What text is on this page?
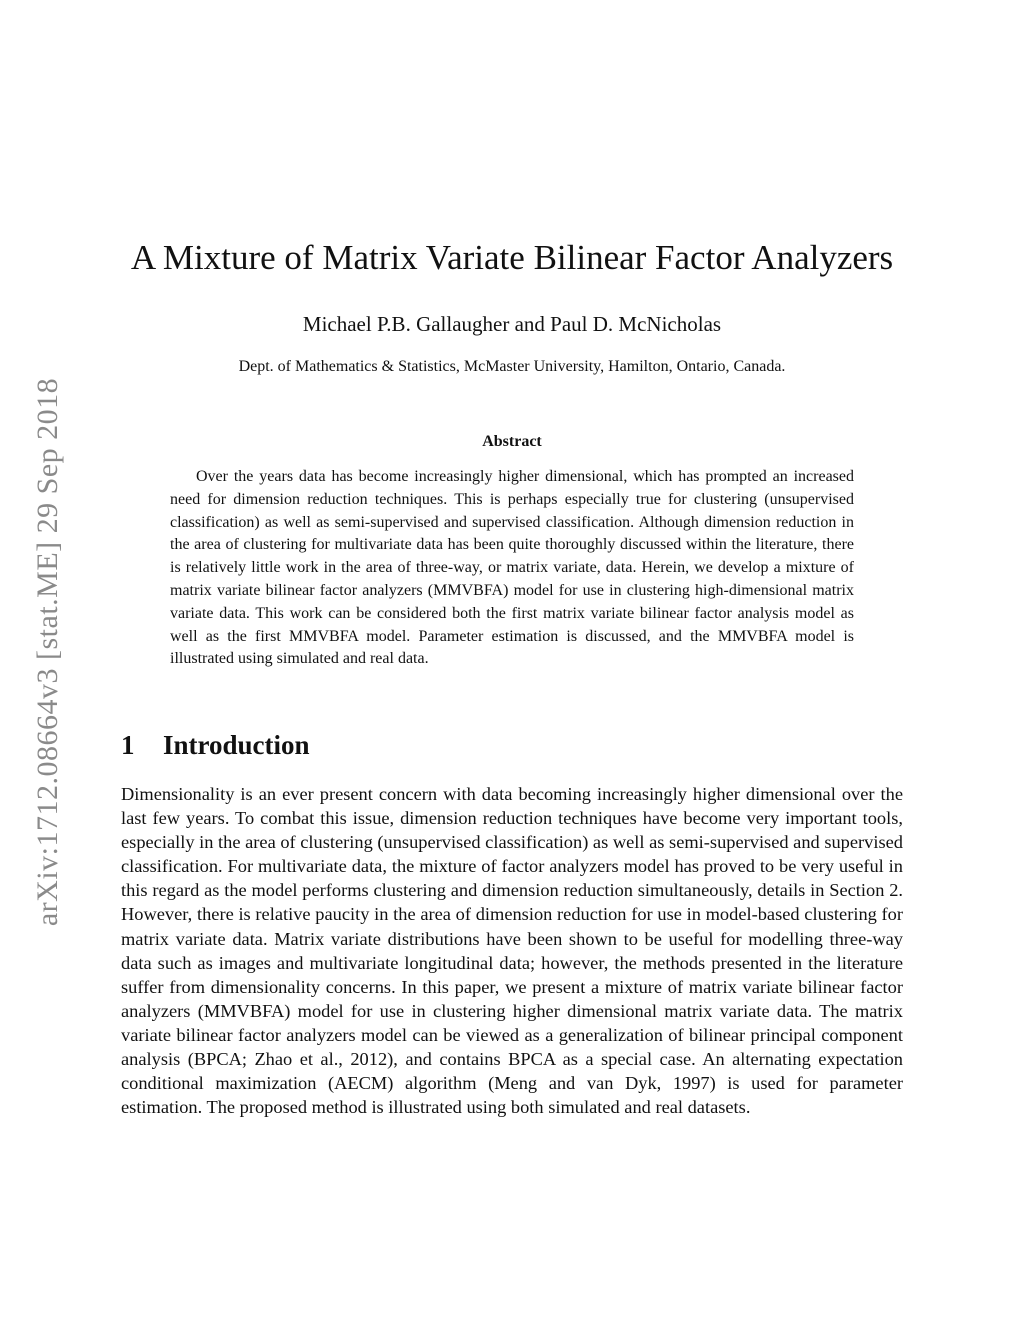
arXiv:1712.08664v3 [stat.ME] 29 Sep 2018
A Mixture of Matrix Variate Bilinear Factor Analyzers
Michael P.B. Gallaugher and Paul D. McNicholas
Dept. of Mathematics & Statistics, McMaster University, Hamilton, Ontario, Canada.
Abstract

Over the years data has become increasingly higher dimensional, which has prompted an increased need for dimension reduction techniques. This is perhaps especially true for clustering (unsupervised classification) as well as semi-supervised and supervised classification. Although dimension reduction in the area of clustering for multivariate data has been quite thoroughly discussed within the literature, there is relatively little work in the area of three-way, or matrix variate, data. Herein, we develop a mixture of matrix variate bilinear factor analyzers (MMVBFA) model for use in clustering high-dimensional matrix variate data. This work can be considered both the first matrix variate bilinear factor analysis model as well as the first MMVBFA model. Parameter estimation is discussed, and the MMVBFA model is illustrated using simulated and real data.

1 Introduction

Dimensionality is an ever present concern with data becoming increasingly higher dimensional over the last few years. To combat this issue, dimension reduction techniques have become very important tools, especially in the area of clustering (unsupervised classification) as well as semi-supervised and supervised classification. For multivariate data, the mixture of factor analyzers model has proved to be very useful in this regard as the model performs clustering and dimension reduction simultaneously, details in Section 2. However, there is relative paucity in the area of dimension reduction for use in model-based clustering for matrix variate data. Matrix variate distributions have been shown to be useful for modelling three-way data such as images and multivariate longitudinal data; however, the methods presented in the literature suffer from dimensionality concerns. In this paper, we present a mixture of matrix variate bilinear factor analyzers (MMVBFA) model for use in clustering higher dimensional matrix variate data. The matrix variate bilinear factor analyzers model can be viewed as a generalization of bilinear principal component analysis (BPCA; Zhao et al., 2012), and contains BPCA as a special case. An alternating expectation conditional maximization (AECM) algorithm (Meng and van Dyk, 1997) is used for parameter estimation. The proposed method is illustrated using both simulated and real datasets.
